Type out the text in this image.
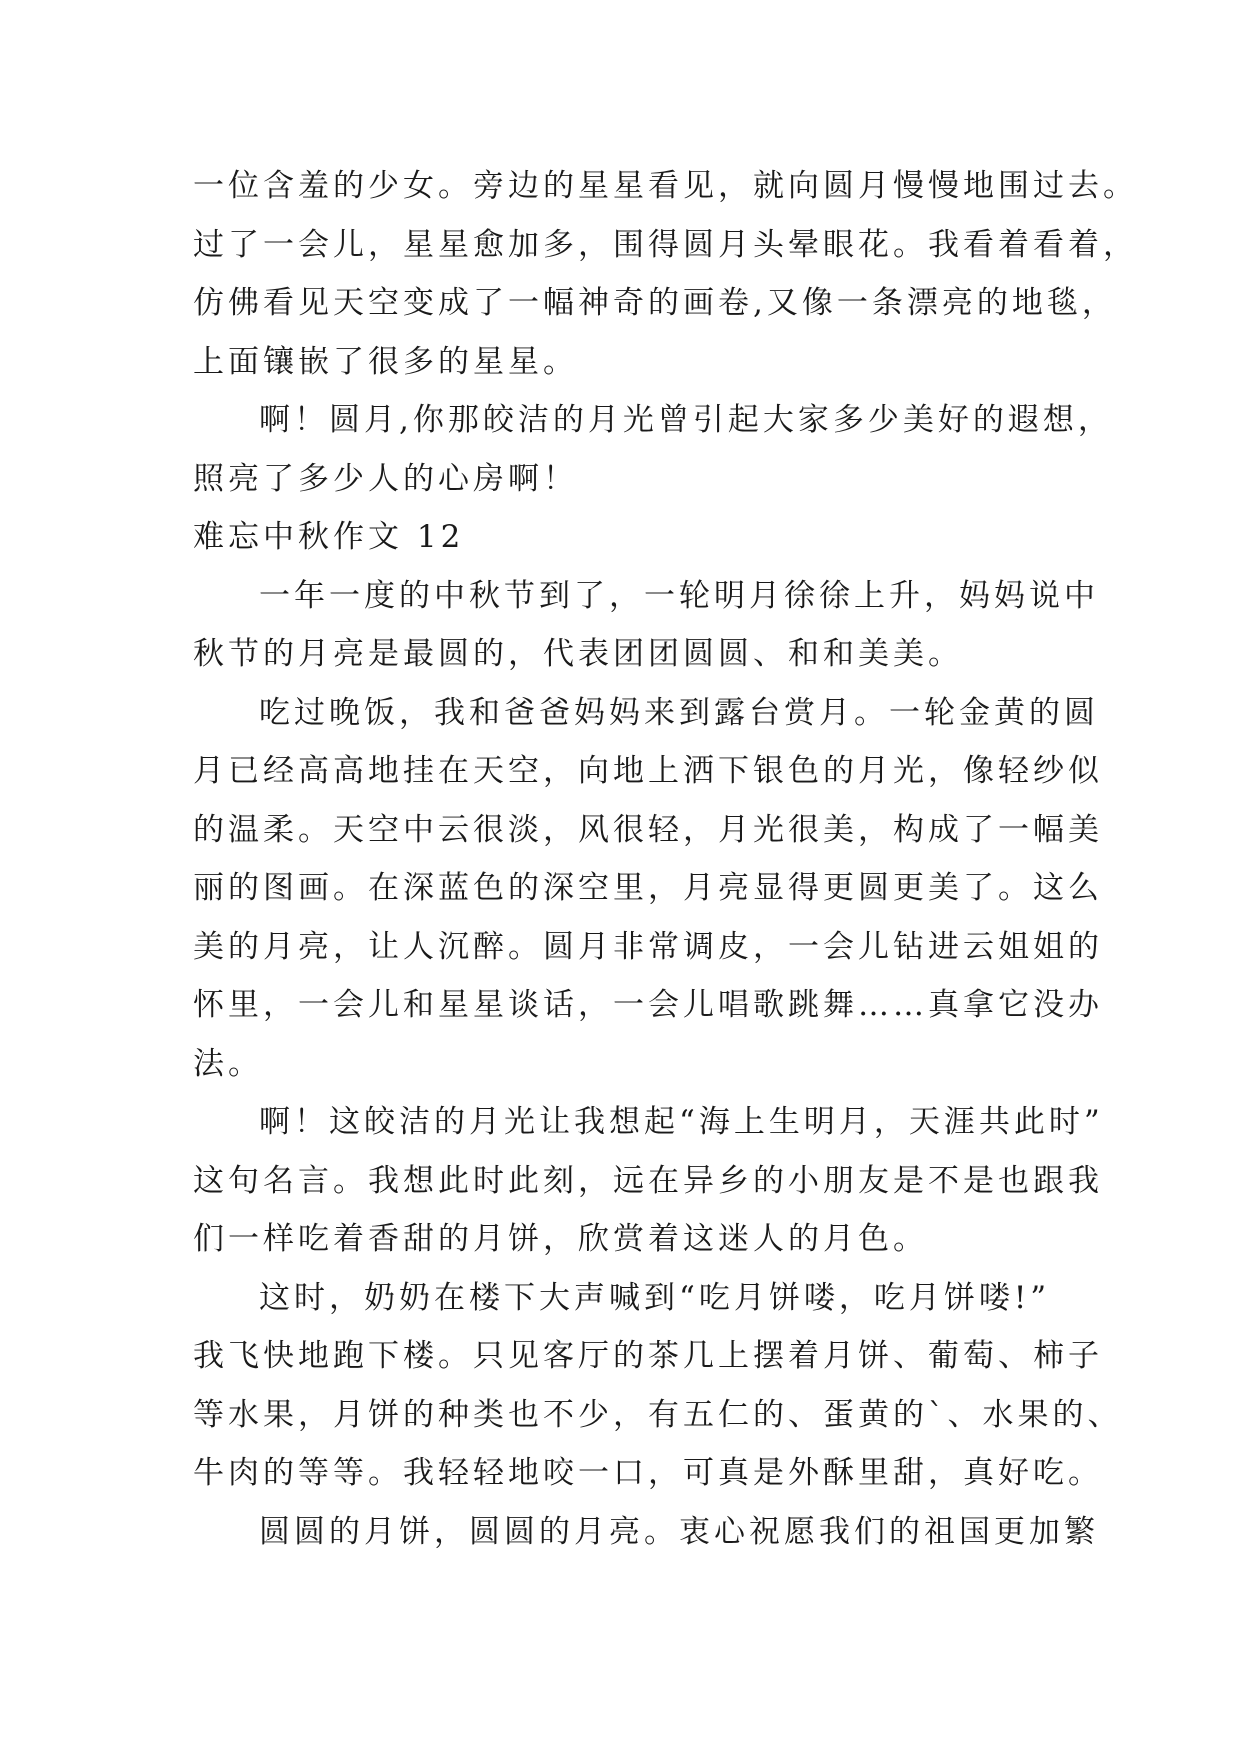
一位含羞的少女。旁边的星星看见，就向圆月慢慢地围过去。
过了一会儿，星星愈加多，围得圆月头晕眼花。我看着看着，
仿佛看见天空变成了一幅神奇的画卷,又像一条漂亮的地毯，
上面镶嵌了很多的星星。
啊！圆月,你那皎洁的月光曾引起大家多少美好的遐想，
照亮了多少人的心房啊！
难忘中秋作文 12
一年一度的中秋节到了，一轮明月徐徐上升，妈妈说中
秋节的月亮是最圆的，代表团团圆圆、和和美美。
吃过晚饭，我和爸爸妈妈来到露台赏月。一轮金黄的圆
月已经高高地挂在天空，向地上洒下银色的月光，像轻纱似
的温柔。天空中云很淡，风很轻，月光很美，构成了一幅美
丽的图画。在深蓝色的深空里，月亮显得更圆更美了。这么
美的月亮，让人沉醉。圆月非常调皮，一会儿钻进云姐姐的
怀里，一会儿和星星谈话，一会儿唱歌跳舞……真拿它没办
法。
啊！这皎洁的月光让我想起“海上生明月，天涯共此时”
这句名言。我想此时此刻，远在异乡的小朋友是不是也跟我
们一样吃着香甜的月饼，欣赏着这迷人的月色。
这时，奶奶在楼下大声喊到“吃月饼喽，吃月饼喽!”
我飞快地跑下楼。只见客厅的茶几上摆着月饼、葡萄、柿子
等水果，月饼的种类也不少，有五仁的、蛋黄的`、水果的、
牛肉的等等。我轻轻地咬一口，可真是外酥里甜，真好吃。
圆圆的月饼，圆圆的月亮。衷心祝愿我们的祖国更加繁
